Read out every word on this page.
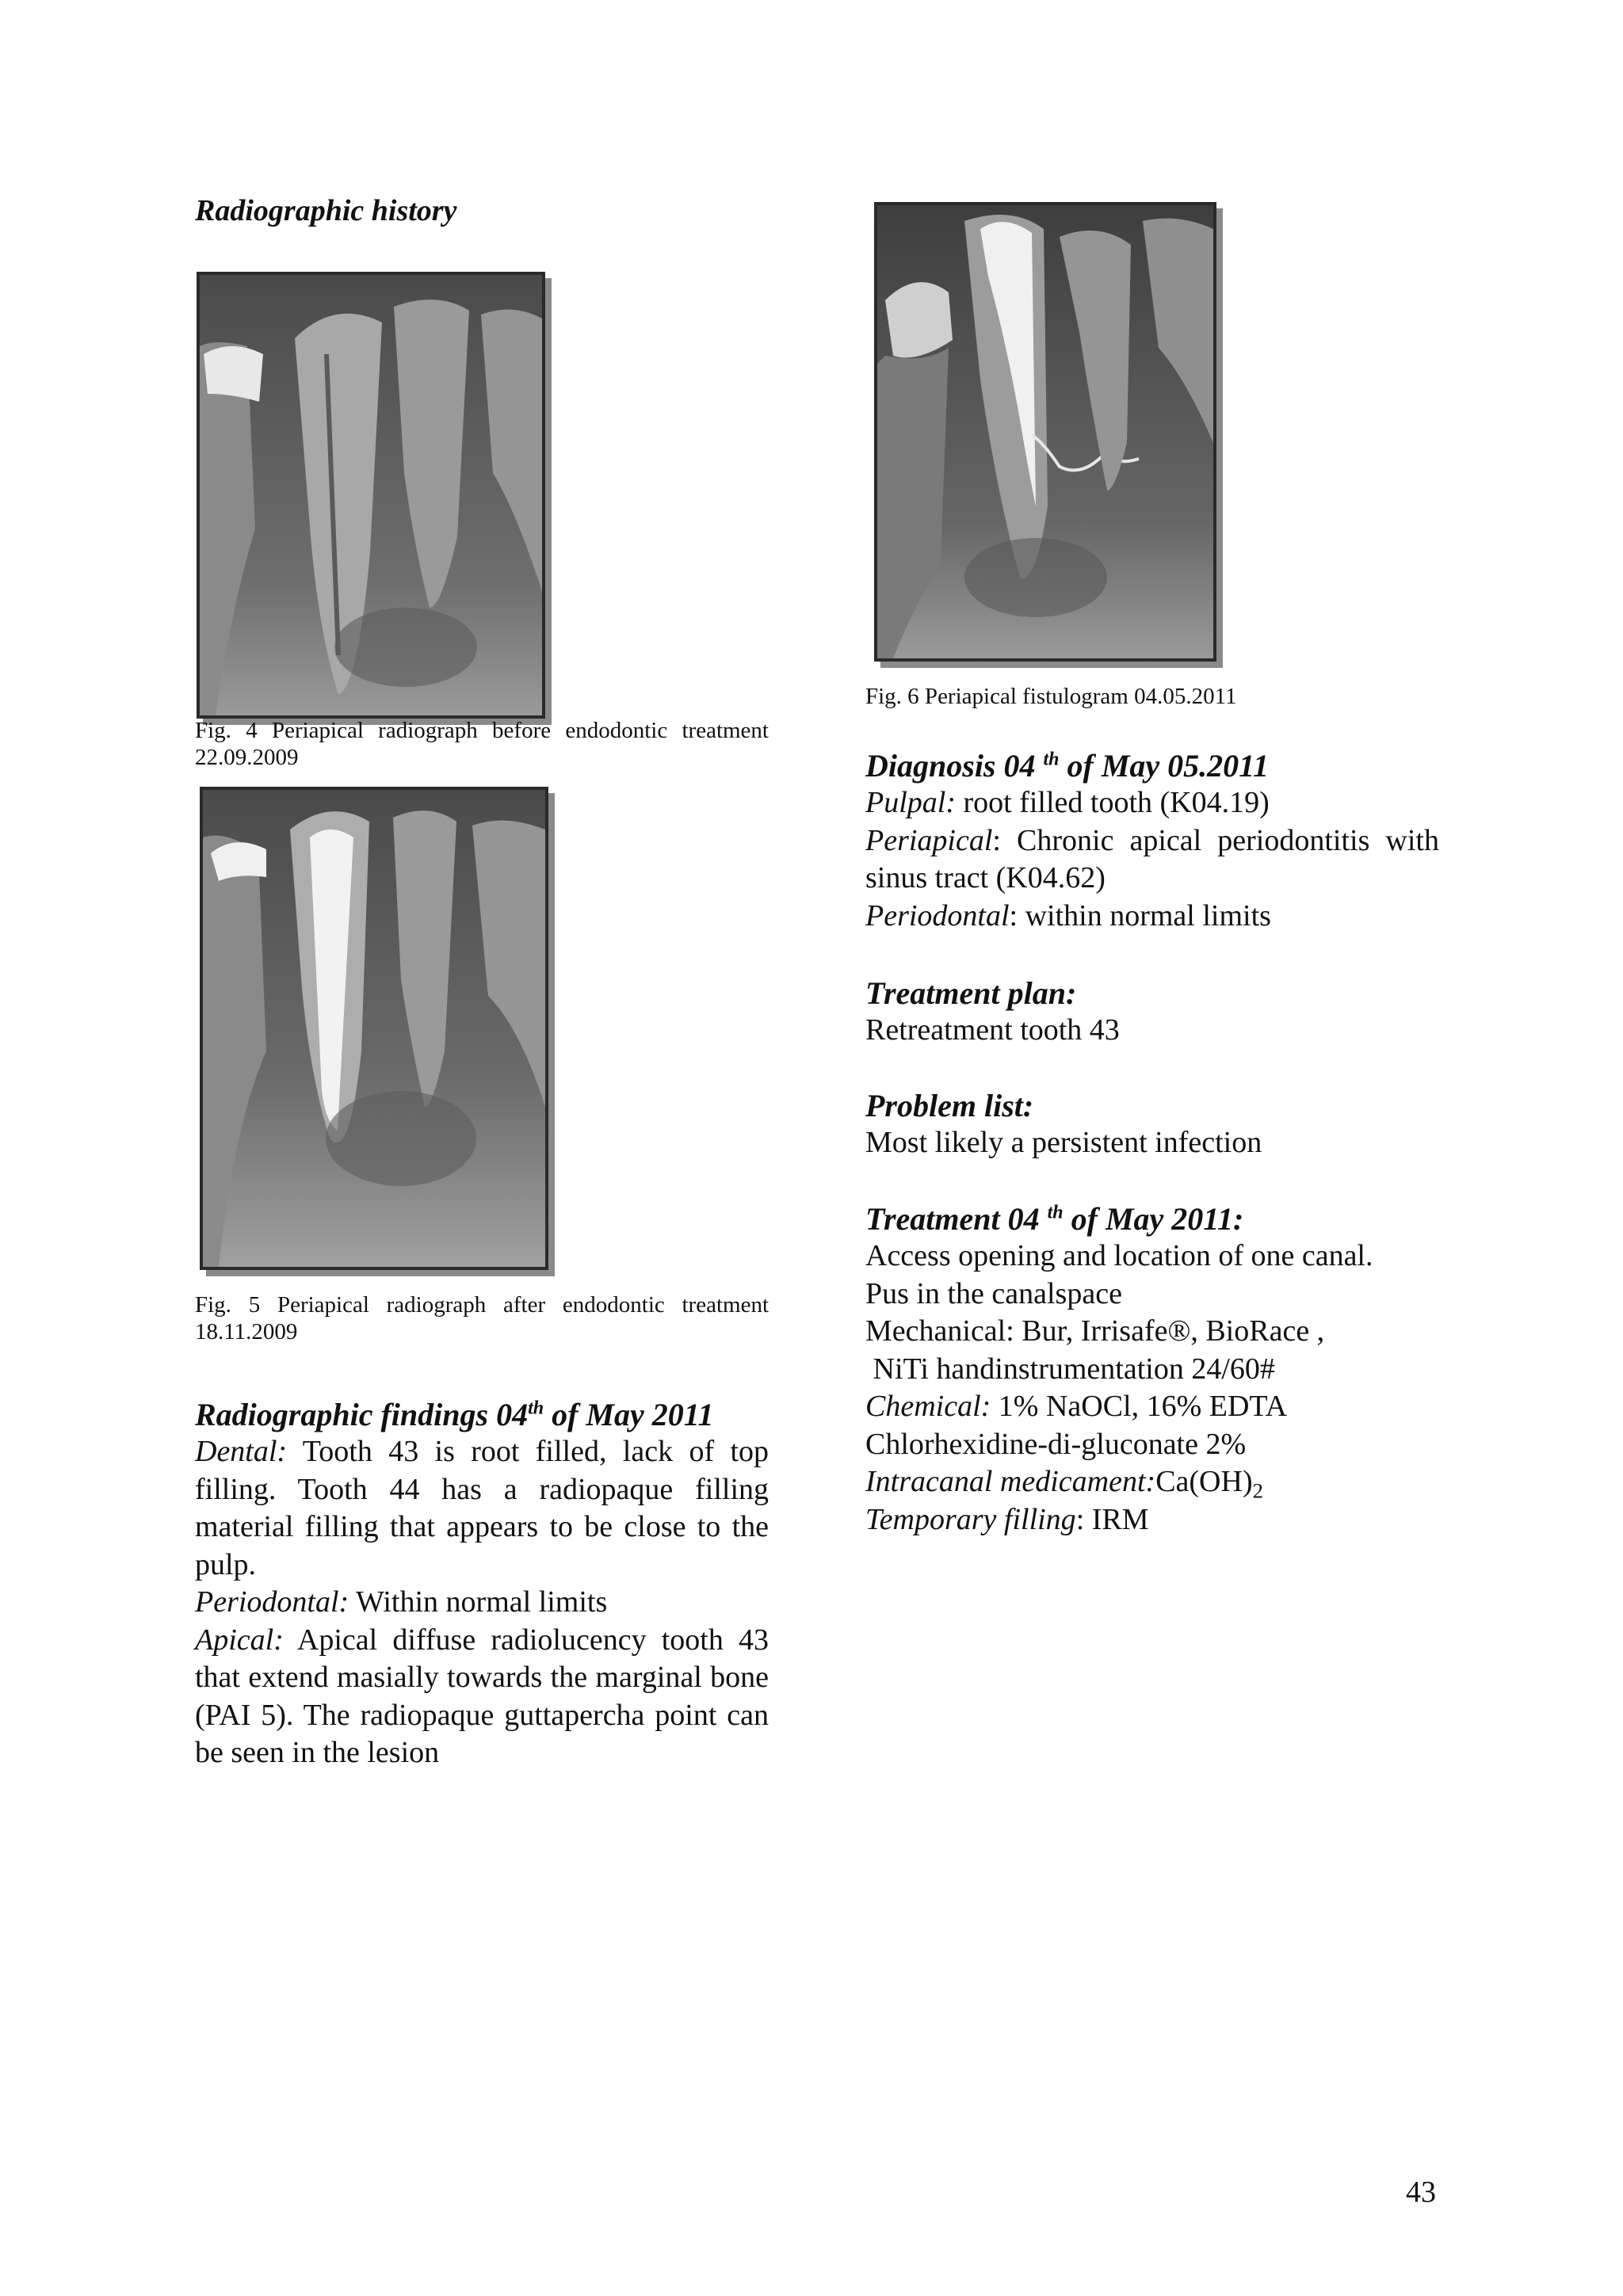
Radiographic history
Fig. 4 Periapical radiograph before endodontic treatment 22.09.2009
Fig. 5 Periapical radiograph after endodontic treatment 18.11.2009
Radiographic findings 04th of May 2011
Dental: Tooth 43 is root filled, lack of top filling. Tooth 44 has a radiopaque filling material filling that appears to be close to the pulp.
Periodontal: Within normal limits
Apical: Apical diffuse radiolucency tooth 43 that extend masially towards the marginal bone (PAI 5). The radiopaque guttapercha point can be seen in the lesion
Fig. 6 Periapical fistulogram 04.05.2011
Diagnosis 04 $^{th}$ of May 05.2011
Pulpal: root filled tooth (K04.19)
Periapical: Chronic apical periodontitis with sinus tract (K04.62)
Periodontal: within normal limits
Treatment plan:
Retreatment tooth 43
Problem list:
Most likely a persistent infection
Treatment 04 $^{th}$ of May 2011:
Access opening and location of one canal.
Pus in the canalspace
Mechanical: Bur, Irrisafe®, BioRace ,
NiTi handinstrumentation 24/60#
Chemical: 1% NaOCl, 16% EDTA
Chlorhexidine-di-gluconate 2%
Intracanal $medicament:Ca(OH)_2$
Temporary filling: IRM
43
